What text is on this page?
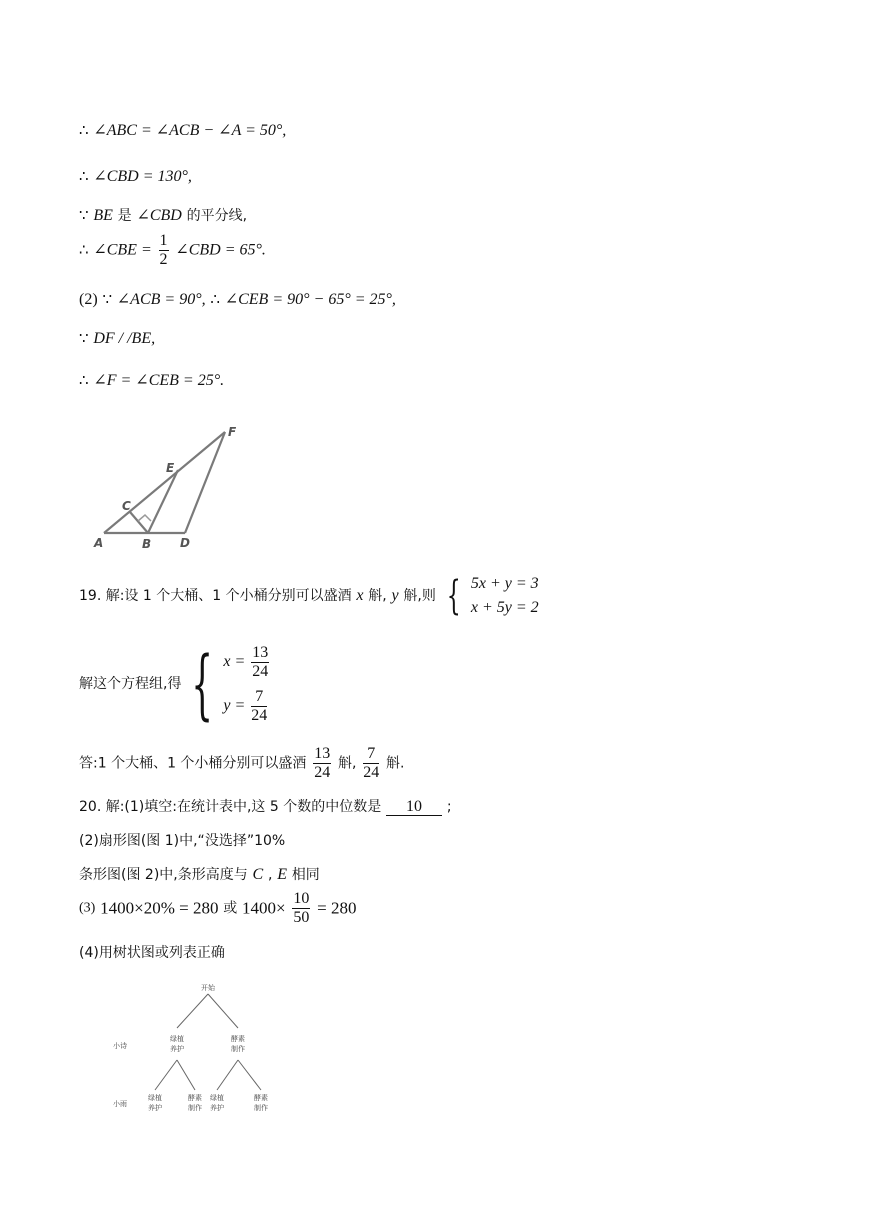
∴ ∠ABC = ∠ACB − ∠A = 50°,
∴ ∠CBD = 130°,
∵ BE 是 ∠CBD 的平分线,
∴ ∠CBE = $\frac{1}{2}$ ∠CBD = 65°.
(2) ∵ ∠ACB = 90°, ∴ ∠CEB = 90° − 65° = 25°,
∵ DF / /BE,
∴ ∠F = ∠CEB = 25°.
A	B
C
D
E
F
19. 解:设 1 个大桶、1 个小桶分别可以盛酒 x 斛, y 斛,则 { 5x + y = 3
x + 5y = 2
解这个方程组,得 { $x = \frac{13}{24}$
$y = \frac{7}{24}$
答:1 个大桶、1 个小桶分别可以盛酒 $\frac{13}{24}$ 斛, $\frac{7}{24}$ 斛.
20. 解:(1)填空:在统计表中,这 5 个数的中位数是 10 ;
(2)扇形图(图 1)中,“没选择”10%
条形图(图 2)中,条形高度与 C , E 相同
(3) 1400×20% = 280 或 $1400\times \frac{10}{50} = 280$
(4)用树状图或列表正确
开始
小诗
小雨
绿植
养护
酵素
制作
绿植
养护
酵素
制作
绿植
养护
酵素
制作
